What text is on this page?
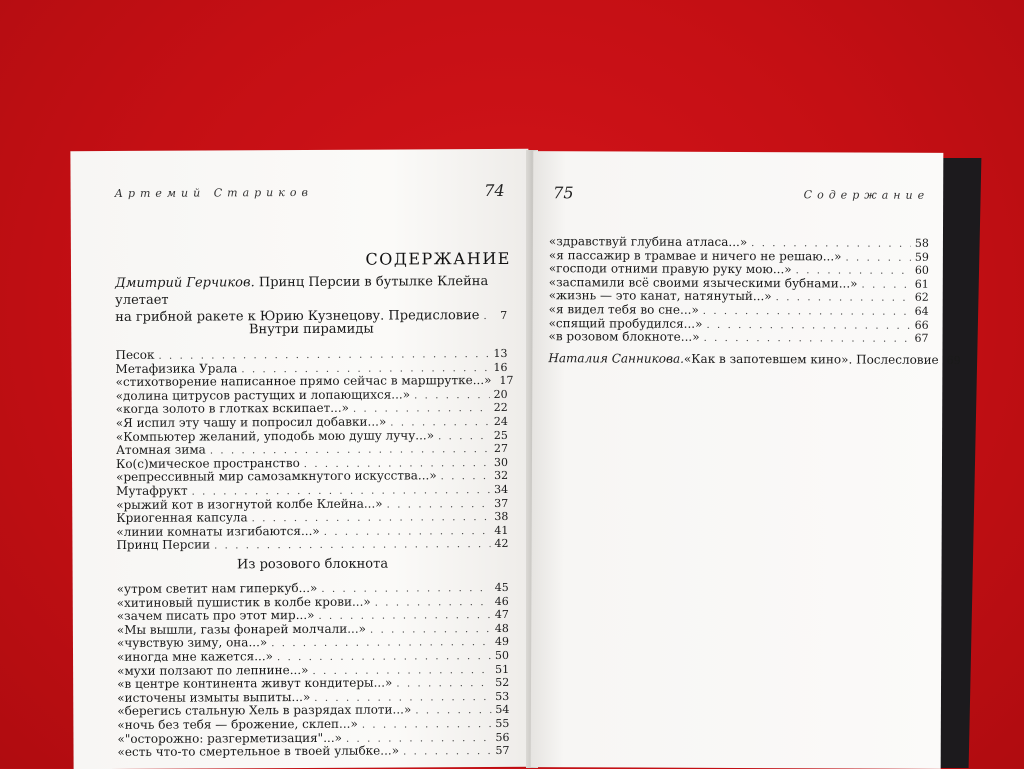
Артемий Стариков	74
СОДЕРЖАНИЕ
Дмитрий Герчиков. Принц Персии в бутылке Клейна улетает
на грибной ракете к Юрию Кузнецову. Предисловие . . .	7
Внутри пирамиды
Песок . . .	13
Метафизика Урала . . .	16
«стихотворение написанное прямо сейчас в маршрутке...» . . . 17
«долина цитрусов растущих и лопающихся...» . . .	20
«когда золото в глотках вскипает...» . . .	22
«Я испил эту чашу и попросил добавки...» . . .	24
«Компьютер желаний, уподобь мою душу лучу...» . . .	25
Атомная зима . . .	27
Ко(с)мическое пространство . . .	30
«репрессивный мир самозамкнутого искусства...» . . .	32
Мутафрукт . . .	34
«рыжий кот в изогнутой колбе Клейна...» . . .	37
Криогенная капсула . . .	38
«линии комнаты изгибаются...» . . .	41
Принц Персии . . .	42
Из розового блокнота
«утром светит нам гиперкуб...» . . .	45
«хитиновый пушистик в колбе крови...» . . .	46
«зачем писать про этот мир...» . . .	47
«Мы вышли, газы фонарей молчали...» . . .	48
«чувствую зиму, она...» . . .	49
«иногда мне кажется...» . . .	50
«мухи ползают по лепнине...» . . .	51
«в центре континента живут кондитеры...» . . .	52
«источены измыты выпиты...» . . .	53
«берегись стальную Хель в разрядах плоти...» . . .	54
«ночь без тебя — брожение, склеп...» . . .	55
«"осторожно: разгерметизация"...» . . .	56
«есть что-то смертельное в твоей улыбке...» . . .	57
75	Содержание
«здравствуй глубина атласа...» . . .	58
«я пассажир в трамвае и ничего не решаю...» . . .	59
«господи отними правую руку мою...» . . .	60
«заспамили всё своими языческими бубнами...» . . .	61
«жизнь — это канат, натянутый...» . . .	62
«я видел тебя во сне...» . . .	64
«спящий пробудился...» . . .	66
«в розовом блокноте...» . . .	67
Наталия Санникова. «Как в запотевшем кино». Послесловие . . . 69
